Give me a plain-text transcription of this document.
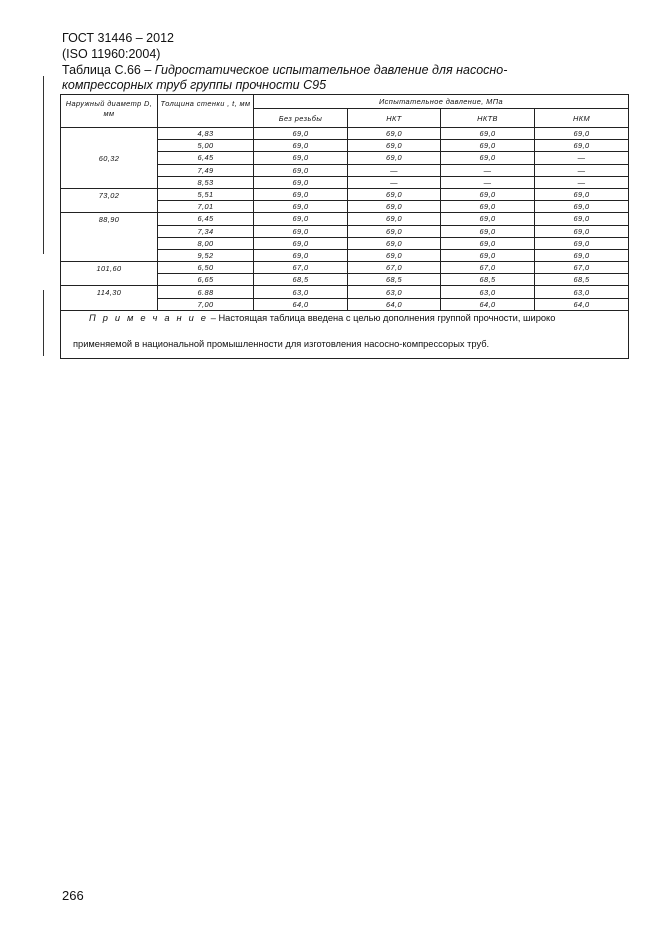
ГОСТ 31446 – 2012
(ISO 11960:2004)
Таблица С.66 – Гидростатическое испытательное давление для насосно-
компрессорных труб группы прочности С95
Наружный диаметр D, мм	Толщина стенки , t, мм	Испытательное давление, МПа			
		Без резьбы	НКТ	НКТВ	НКМ
60,32	4,83	69,0	69,0	69,0	69,0
	5,00	69,0	69,0	69,0	69,0
	6,45	69,0	69,0	69,0	—
	7,49	69,0	—	—	—
	8,53	69,0	—	—	—
73,02	5,51	69,0	69,0	69,0	69,0
	7,01	69,0	69,0	69,0	69,0
88,90	6,45	69,0	69,0	69,0	69,0
	7,34	69,0	69,0	69,0	69,0
	8,00	69,0	69,0	69,0	69,0
	9,52	69,0	69,0	69,0	69,0
101,60	6,50	67,0	67,0	67,0	67,0
	6,65	68,5	68,5	68,5	68,5
114,30	6.88	63,0	63,0	63,0	63,0
	7,00	64,0	64,0	64,0	64,0

П р и м е ч а н и е – Настоящая таблица введена с целью дополнения группой прочности, широко
применяемой в национальной промышленности для изготовления насосно-компрессорых труб.					
266
